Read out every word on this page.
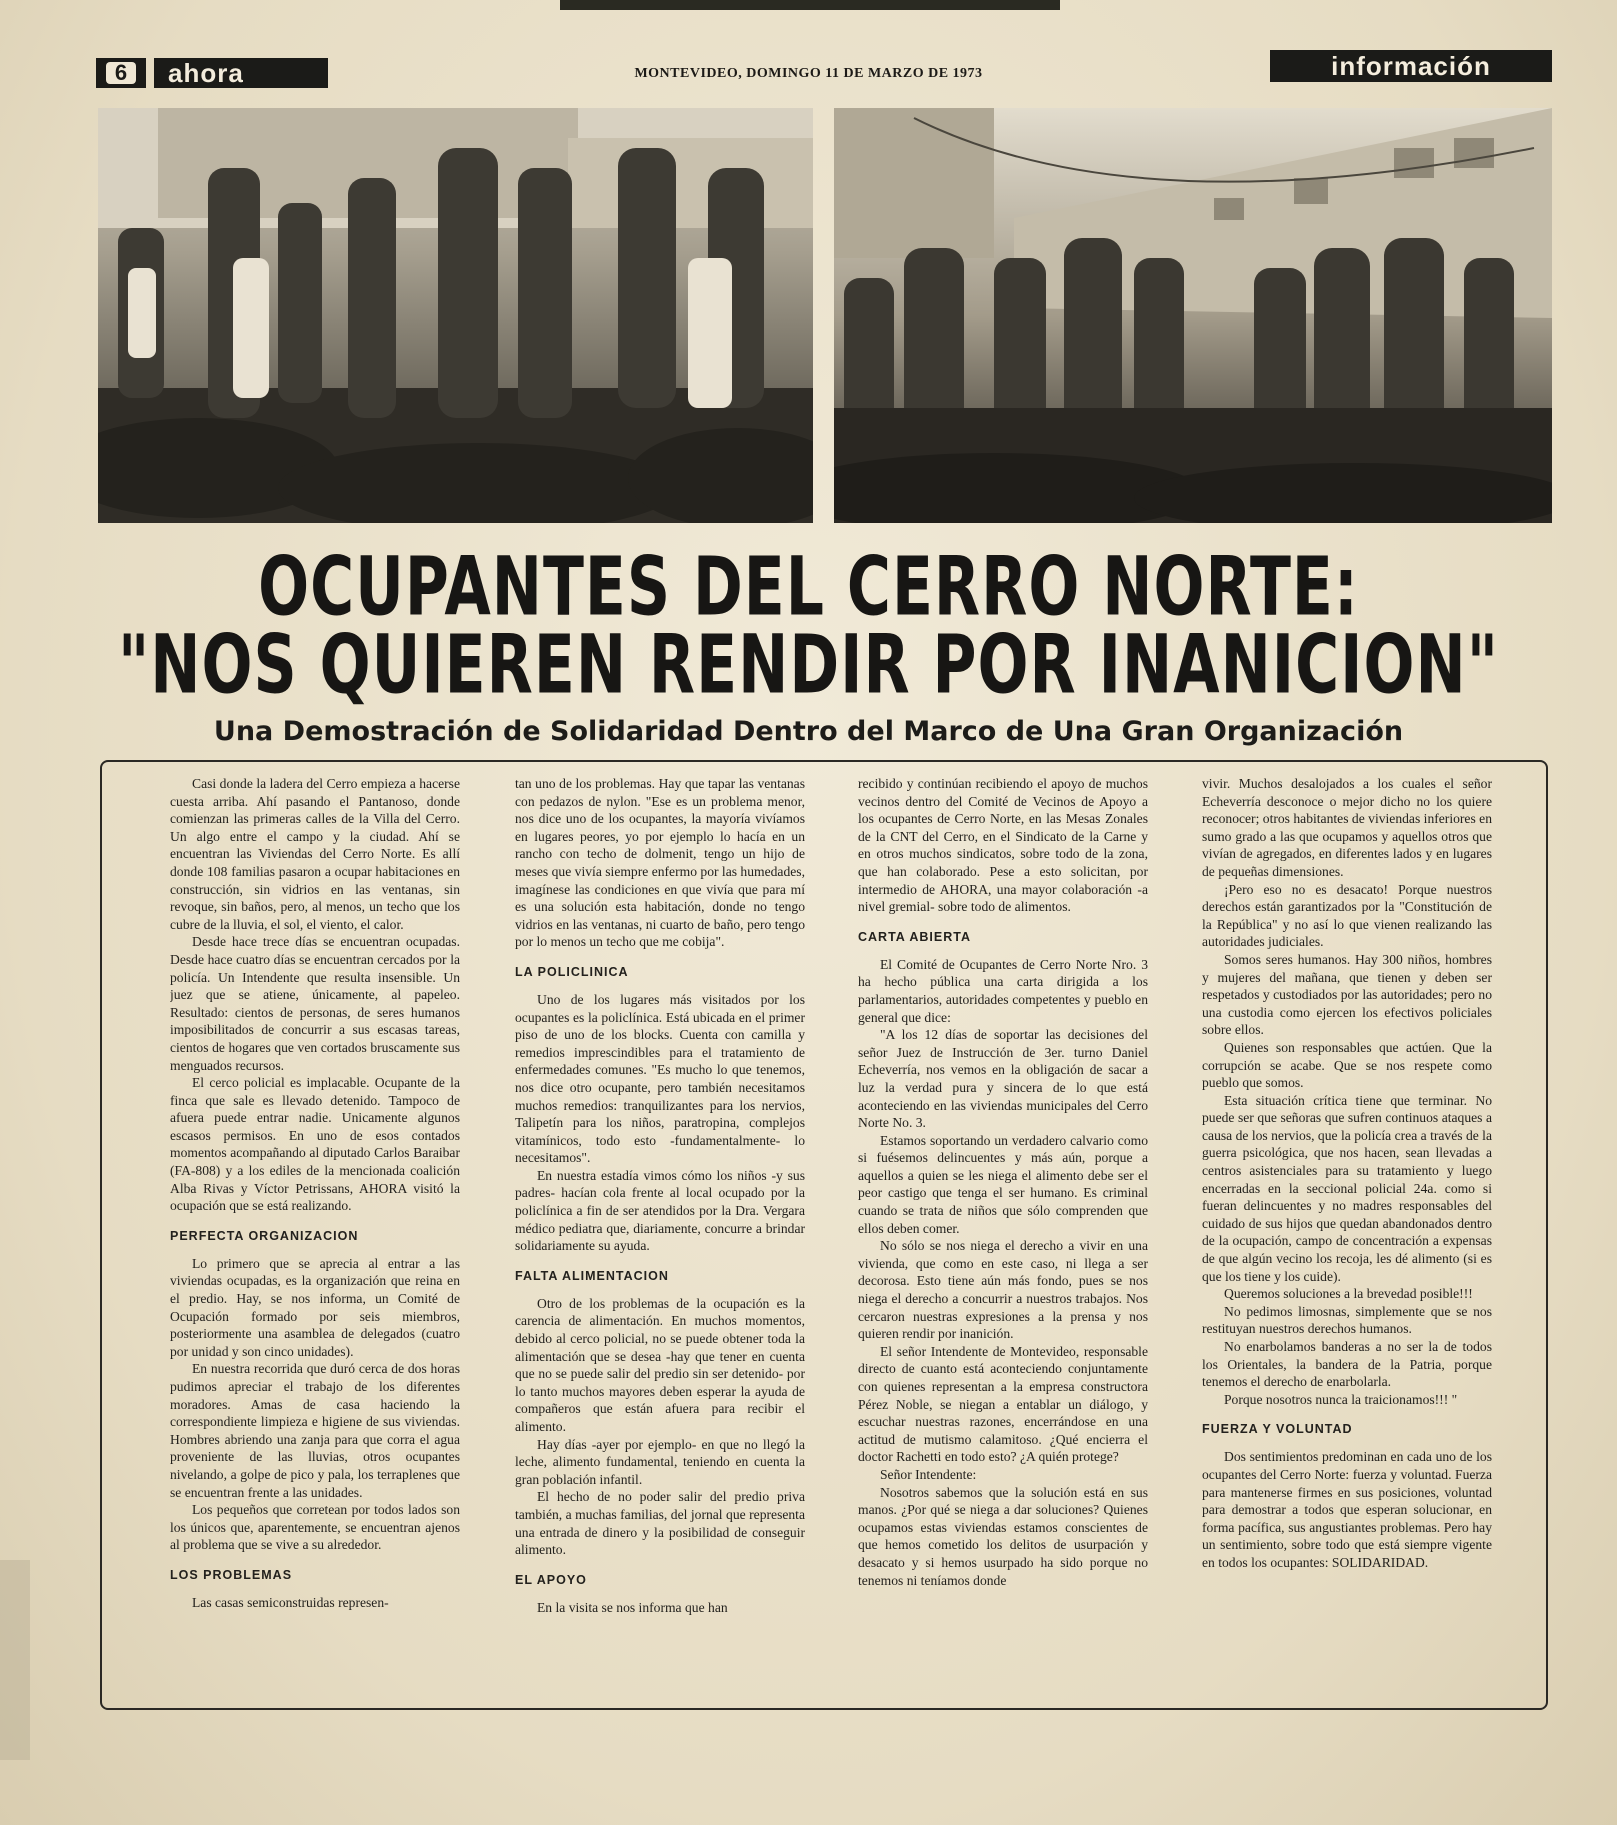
6	ahora	MONTEVIDEO, DOMINGO 11 DE MARZO DE 1973	información
OCUPANTES DEL CERRO NORTE:
"NOS QUIEREN RENDIR POR INANICION"
Una Demostración de Solidaridad Dentro del Marco de Una Gran Organización

Casi donde la ladera del Cerro empieza a hacerse cuesta arriba. Ahí pasando el Pantanoso, donde comienzan las primeras calles de la Villa del Cerro. Un algo entre el campo y la ciudad. Ahí se encuentran las Viviendas del Cerro Norte. Es allí donde 108 familias pasaron a ocupar habitaciones en construcción, sin vidrios en las ventanas, sin revoque, sin baños, pero, al menos, un techo que los cubre de la lluvia, el sol, el viento, el calor.

Desde hace trece días se encuentran ocupadas. Desde hace cuatro días se encuentran cercados por la policía. Un Intendente que resulta insensible. Un juez que se atiene, únicamente, al papeleo. Resultado: cientos de personas, de seres humanos imposibilitados de concurrir a sus escasas tareas, cientos de hogares que ven cortados bruscamente sus menguados recursos.

El cerco policial es implacable. Ocupante de la finca que sale es llevado detenido. Tampoco de afuera puede entrar nadie. Unicamente algunos escasos permisos. En uno de esos contados momentos acompañando al diputado Carlos Baraibar (FA-808) y a los ediles de la mencionada coalición Alba Rivas y Víctor Petrissans, AHORA visitó la ocupación que se está realizando.

PERFECTA ORGANIZACION

Lo primero que se aprecia al entrar a las viviendas ocupadas, es la organización que reina en el predio. Hay, se nos informa, un Comité de Ocupación formado por seis miembros, posteriormente una asamblea de delegados (cuatro por unidad y son cinco unidades).

En nuestra recorrida que duró cerca de dos horas pudimos apreciar el trabajo de los diferentes moradores. Amas de casa haciendo la correspondiente limpieza e higiene de sus viviendas. Hombres abriendo una zanja para que corra el agua proveniente de las lluvias, otros ocupantes nivelando, a golpe de pico y pala, los terraplenes que se encuentran frente a las unidades.

Los pequeños que corretean por todos lados son los únicos que, aparentemente, se encuentran ajenos al problema que se vive a su alrededor.

LOS PROBLEMAS

Las casas semiconstruidas represen-

tan uno de los problemas. Hay que tapar las ventanas con pedazos de nylon. "Ese es un problema menor, nos dice uno de los ocupantes, la mayoría vivíamos en lugares peores, yo por ejemplo lo hacía en un rancho con techo de dolmenit, tengo un hijo de meses que vivía siempre enfermo por las humedades, imagínese las condiciones en que vivía que para mí es una solución esta habitación, donde no tengo vidrios en las ventanas, ni cuarto de baño, pero tengo por lo menos un techo que me cobija".

LA POLICLINICA

Uno de los lugares más visitados por los ocupantes es la policlínica. Está ubicada en el primer piso de uno de los blocks. Cuenta con camilla y remedios imprescindibles para el tratamiento de enfermedades comunes. "Es mucho lo que tenemos, nos dice otro ocupante, pero también necesitamos muchos remedios: tranquilizantes para los nervios, Talipetín para los niños, paratropina, complejos vitamínicos, todo esto -fundamentalmente- lo necesitamos".

En nuestra estadía vimos cómo los niños -y sus padres- hacían cola frente al local ocupado por la policlínica a fin de ser atendidos por la Dra. Vergara médico pediatra que, diariamente, concurre a brindar solidariamente su ayuda.

FALTA ALIMENTACION

Otro de los problemas de la ocupación es la carencia de alimentación. En muchos momentos, debido al cerco policial, no se puede obtener toda la alimentación que se desea -hay que tener en cuenta que no se puede salir del predio sin ser detenido- por lo tanto muchos mayores deben esperar la ayuda de compañeros que están afuera para recibir el alimento.

Hay días -ayer por ejemplo- en que no llegó la leche, alimento fundamental, teniendo en cuenta la gran población infantil.

El hecho de no poder salir del predio priva también, a muchas familias, del jornal que representa una entrada de dinero y la posibilidad de conseguir alimento.

EL APOYO

En la visita se nos informa que han

recibido y continúan recibiendo el apoyo de muchos vecinos dentro del Comité de Vecinos de Apoyo a los ocupantes de Cerro Norte, en las Mesas Zonales de la CNT del Cerro, en el Sindicato de la Carne y en otros muchos sindicatos, sobre todo de la zona, que han colaborado. Pese a esto solicitan, por intermedio de AHORA, una mayor colaboración -a nivel gremial- sobre todo de alimentos.

CARTA ABIERTA

El Comité de Ocupantes de Cerro Norte Nro. 3 ha hecho pública una carta dirigida a los parlamentarios, autoridades competentes y pueblo en general que dice:

"A los 12 días de soportar las decisiones del señor Juez de Instrucción de 3er. turno Daniel Echeverría, nos vemos en la obligación de sacar a luz la verdad pura y sincera de lo que está aconteciendo en las viviendas municipales del Cerro Norte No. 3.

Estamos soportando un verdadero calvario como si fuésemos delincuentes y más aún, porque a aquellos a quien se les niega el alimento debe ser el peor castigo que tenga el ser humano. Es criminal cuando se trata de niños que sólo comprenden que ellos deben comer.

No sólo se nos niega el derecho a vivir en una vivienda, que como en este caso, ni llega a ser decorosa. Esto tiene aún más fondo, pues se nos niega el derecho a concurrir a nuestros trabajos. Nos cercaron nuestras expresiones a la prensa y nos quieren rendir por inanición.

El señor Intendente de Montevideo, responsable directo de cuanto está aconteciendo conjuntamente con quienes representan a la empresa constructora Pérez Noble, se niegan a entablar un diálogo, y escuchar nuestras razones, encerrándose en una actitud de mutismo calamitoso. ¿Qué encierra el doctor Rachetti en todo esto? ¿A quién protege?

Señor Intendente:

Nosotros sabemos que la solución está en sus manos. ¿Por qué se niega a dar soluciones? Quienes ocupamos estas viviendas estamos conscientes de que hemos cometido los delitos de usurpación y desacato y si hemos usurpado ha sido porque no tenemos ni teníamos donde

vivir. Muchos desalojados a los cuales el señor Echeverría desconoce o mejor dicho no los quiere reconocer; otros habitantes de viviendas inferiores en sumo grado a las que ocupamos y aquellos otros que vivían de agregados, en diferentes lados y en lugares de pequeñas dimensiones.

¡Pero eso no es desacato! Porque nuestros derechos están garantizados por la "Constitución de la República" y no así lo que vienen realizando las autoridades judiciales.

Somos seres humanos. Hay 300 niños, hombres y mujeres del mañana, que tienen y deben ser respetados y custodiados por las autoridades; pero no una custodia como ejercen los efectivos policiales sobre ellos.

Quienes son responsables que actúen. Que la corrupción se acabe. Que se nos respete como pueblo que somos.

Esta situación crítica tiene que terminar. No puede ser que señoras que sufren continuos ataques a causa de los nervios, que la policía crea a través de la guerra psicológica, que nos hacen, sean llevadas a centros asistenciales para su tratamiento y luego encerradas en la seccional policial 24a. como si fueran delincuentes y no madres responsables del cuidado de sus hijos que quedan abandonados dentro de la ocupación, campo de concentración a expensas de que algún vecino los recoja, les dé alimento (si es que los tiene y los cuide).

Queremos soluciones a la brevedad posible!!!

No pedimos limosnas, simplemente que se nos restituyan nuestros derechos humanos.

No enarbolamos banderas a no ser la de todos los Orientales, la bandera de la Patria, porque tenemos el derecho de enarbolarla.

Porque nosotros nunca la traicionamos!!! "

FUERZA Y VOLUNTAD

Dos sentimientos predominan en cada uno de los ocupantes del Cerro Norte: fuerza y voluntad. Fuerza para mantenerse firmes en sus posiciones, voluntad para demostrar a todos que esperan solucionar, en forma pacífica, sus angustiantes problemas. Pero hay un sentimiento, sobre todo que está siempre vigente en todos los ocupantes: SOLIDARIDAD.
